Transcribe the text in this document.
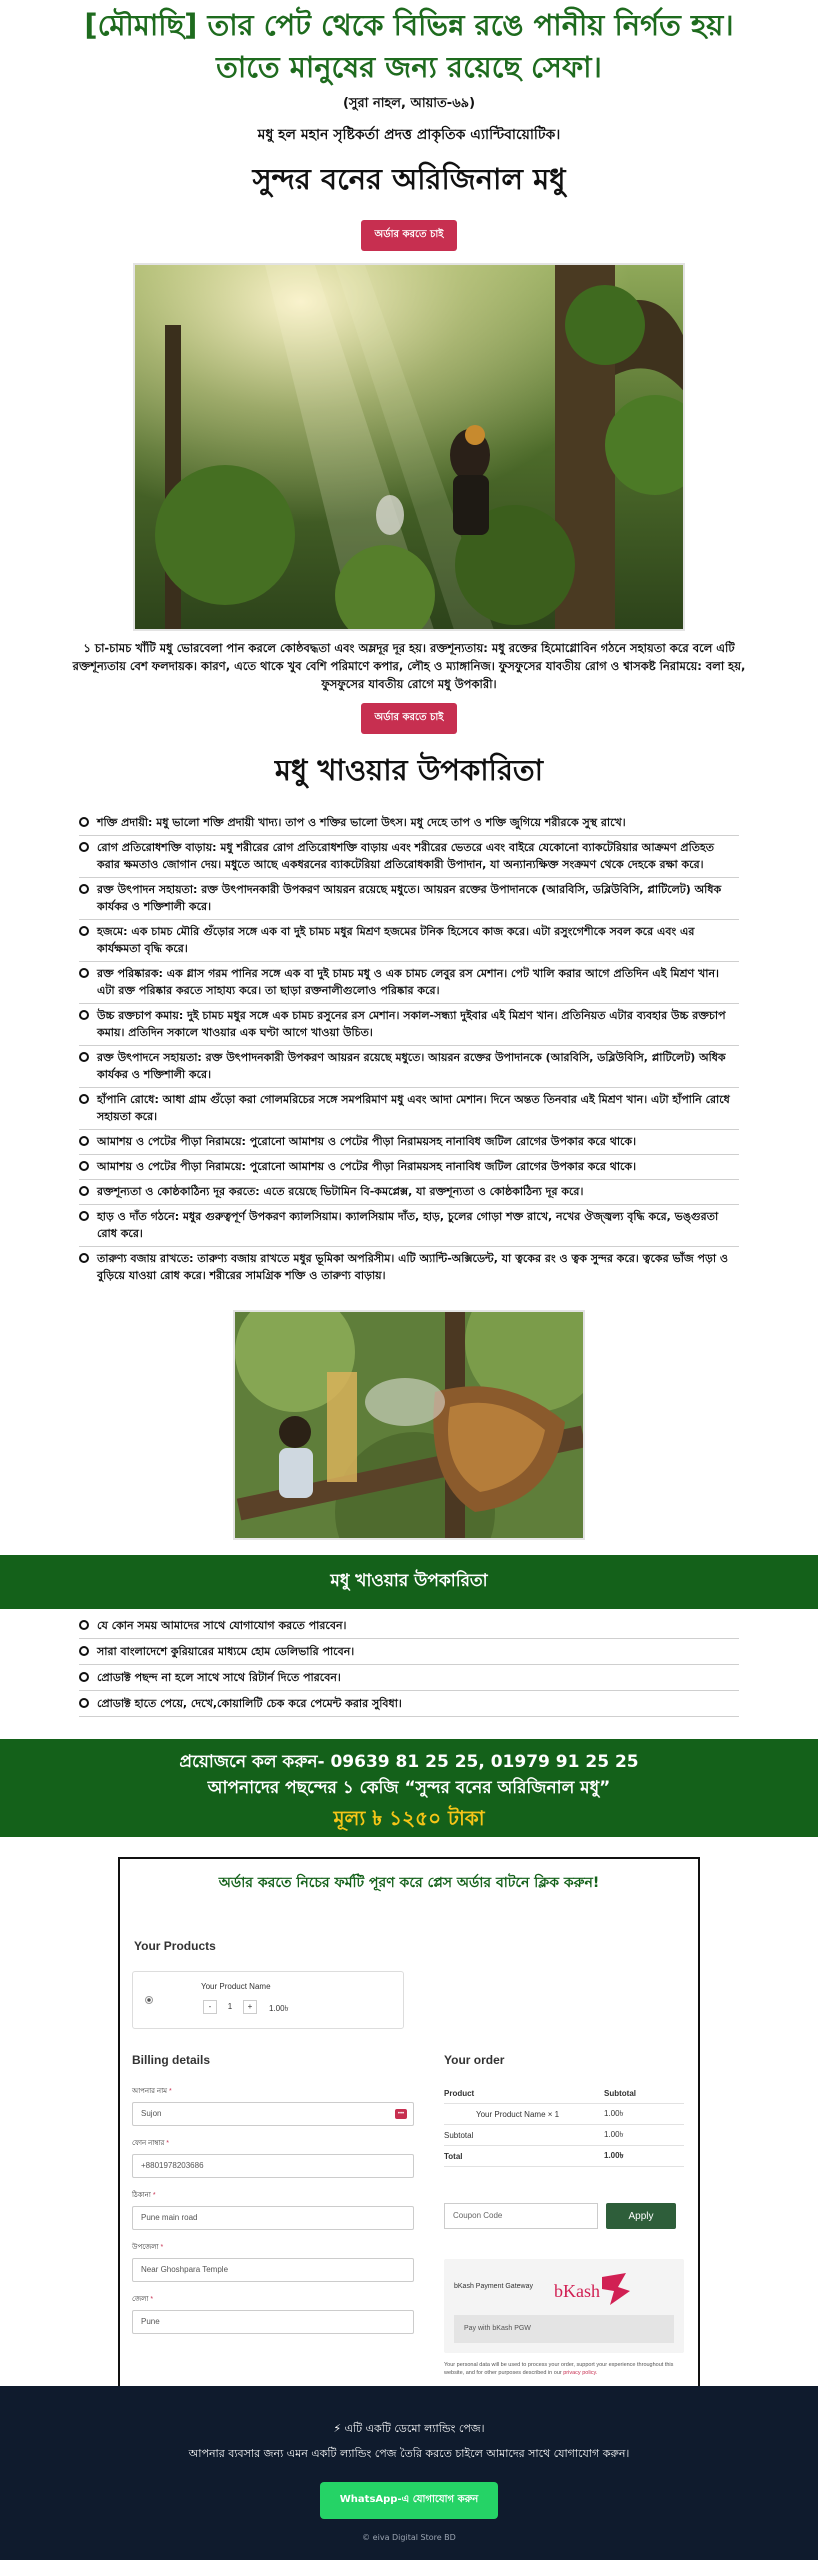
[মৌমাছি] তার পেট থেকে বিভিন্ন রঙে পানীয় নির্গত হয়। তাতে মানুষের জন্য রয়েছে সেফা।
(সুরা নাহল, আয়াত-৬৯)
মধু হল মহান সৃষ্টিকর্তা প্রদত্ত প্রাকৃতিক এ্যান্টিবায়োটিক।
সুন্দর বনের অরিজিনাল মধু
অর্ডার করতে চাই
১ চা-চামচ খাঁটি মধু ভোরবেলা পান করলে কোষ্ঠবদ্ধতা এবং অম্লদূর দূর হয়। রক্তশূন্যতায়: মধু রক্তের হিমোগ্লোবিন গঠনে সহায়তা করে বলে এটি রক্তশূন্যতায় বেশ ফলদায়ক। কারণ, এতে থাকে খুব বেশি পরিমাণে কপার, লৌহ ও ম্যাঙ্গানিজ। ফুসফুসের যাবতীয় রোগ ও শ্বাসকষ্ট নিরাময়ে: বলা হয়, ফুসফুসের যাবতীয় রোগে মধু উপকারী।
অর্ডার করতে চাই
মধু খাওয়ার উপকারিতা
শক্তি প্রদায়ী: মধু ভালো শক্তি প্রদায়ী খাদ্য। তাপ ও শক্তির ভালো উৎস। মধু দেহে তাপ ও শক্তি জুগিয়ে শরীরকে সুস্থ রাখে।
রোগ প্রতিরোধশক্তি বাড়ায়: মধু শরীরের রোগ প্রতিরোধশক্তি বাড়ায় এবং শরীরের ভেতরে এবং বাইরে যেকোনো ব্যাকটেরিয়ার আক্রমণ প্রতিহত করার ক্ষমতাও জোগান দেয়। মধুতে আছে একধরনের ব্যাকটেরিয়া প্রতিরোধকারী উপাদান, যা অন্যান্যক্ষিক্ত সংক্রমণ থেকে দেহকে রক্ষা করে।
রক্ত উৎপাদন সহায়তা: রক্ত উৎপাদনকারী উপকরণ আয়রন রয়েছে মধুতে। আয়রন রক্তের উপাদানকে (আরবিসি, ডব্লিউবিসি, প্লাটিলেট) অধিক কার্যকর ও শক্তিশালী করে।
হজমে: এক চামচ মৌরি গুঁড়োর সঙ্গে এক বা দুই চামচ মধুর মিশ্রণ হজমের টনিক হিসেবে কাজ করে। এটা রসুংগেশীকে সবল করে এবং এর কার্যক্ষমতা বৃদ্ধি করে।
রক্ত পরিষ্কারক: এক গ্লাস গরম পানির সঙ্গে এক বা দুই চামচ মধু ও এক চামচ লেবুর রস মেশান। পেট খালি করার আগে প্রতিদিন এই মিশ্রণ খান। এটা রক্ত পরিষ্কার করতে সাহায্য করে। তা ছাড়া রক্তনালীগুলোও পরিষ্কার করে।
উচ্চ রক্তচাপ কমায়: দুই চামচ মধুর সঙ্গে এক চামচ রসুনের রস মেশান। সকাল-সন্ধ্যা দুইবার এই মিশ্রণ খান। প্রতিনিয়ত এটার ব্যবহার উচ্চ রক্তচাপ কমায়। প্রতিদিন সকালে খাওয়ার এক ঘণ্টা আগে খাওয়া উচিত।
রক্ত উৎপাদনে সহায়তা: রক্ত উৎপাদনকারী উপকরণ আয়রন রয়েছে মধুতে। আয়রন রক্তের উপাদানকে (আরবিসি, ডব্লিউবিসি, প্লাটিলেট) অধিক কার্যকর ও শক্তিশালী করে।
হাঁপানি রোধে: আধা গ্রাম গুঁড়ো করা গোলমরিচের সঙ্গে সমপরিমাণ মধু এবং আদা মেশান। দিনে অন্তত তিনবার এই মিশ্রণ খান। এটা হাঁপানি রোধে সহায়তা করে।
আমাশয় ও পেটের পীড়া নিরাময়ে: পুরোনো আমাশয় ও পেটের পীড়া নিরাময়সহ নানাবিধ জটিল রোগের উপকার করে থাকে।
আমাশয় ও পেটের পীড়া নিরাময়ে: পুরোনো আমাশয় ও পেটের পীড়া নিরাময়সহ নানাবিধ জটিল রোগের উপকার করে থাকে।
রক্তশূন্যতা ও কোষ্ঠকাঠিন্য দূর করতে: এতে রয়েছে ভিটামিন বি-কমপ্লেক্স, যা রক্তশূন্যতা ও কোষ্ঠকাঠিন্য দূর করে।
হাড় ও দাঁত গঠনে: মধুর গুরুত্বপূর্ণ উপকরণ ক্যালসিয়াম। ক্যালসিয়াম দাঁত, হাড়, চুলের গোড়া শক্ত রাখে, নখের ঔজ্জ্বল্য বৃদ্ধি করে, ভঙ্গুরতা রোধ করে।
তারুণ্য বজায় রাখতে: তারুণ্য বজায় রাখতে মধুর ভূমিকা অপরিসীম। এটি অ্যান্টি-অক্সিডেন্ট, যা ত্বকের রং ও ত্বক সুন্দর করে। ত্বকের ভাঁজ পড়া ও বুড়িয়ে যাওয়া রোধ করে। শরীরের সামগ্রিক শক্তি ও তারুণ্য বাড়ায়।
মধু খাওয়ার উপকারিতা
যে কোন সময় আমাদের সাথে যোগাযোগ করতে পারবেন।
সারা বাংলাদেশে কুরিয়ারের মাধ্যমে হোম ডেলিভারি পাবেন।
প্রোডাক্ট পছন্দ না হলে সাথে সাথে রিটার্ন দিতে পারবেন।
প্রোডাক্ট হাতে পেয়ে, দেখে,কোয়ালিটি চেক করে পেমেন্ট করার সুবিধা।
প্রয়োজনে কল করুন- 09639 81 25 25, 01979 91 25 25
আপনাদের পছন্দের ১ কেজি “সুন্দর বনের অরিজিনাল মধু”
মূল্য ৳ ১২৫০ টাকা
অর্ডার করতে নিচের ফর্মটি পূরণ করে প্লেস অর্ডার বাটনে ক্লিক করুন!
Your Products
Your Product Name
-	1	+	1.00৳
Billing details
আপনার নাম *
Sujon	•••
ফোন নাম্বার *
+8801978203686
ঠিকানা *
Pune main road
উপজেলা *
Near Ghoshpara Temple
জেলা *
Pune
Your order
Product	Subtotal
Your Product Name × 1	1.00৳
Subtotal	1.00৳
Total	1.00৳
Coupon Code	Apply
bKash Payment Gateway bKash
Pay with bKash PGW
Your personal data will be used to process your order, support your experience throughout this website, and for other purposes described in our privacy policy.
⚡ এটি একটি ডেমো ল্যান্ডিং পেজ।
আপনার ব্যবসার জন্য এমন একটি ল্যান্ডিং পেজ তৈরি করতে চাইলে আমাদের সাথে যোগাযোগ করুন।
WhatsApp-এ যোগাযোগ করুন
© eiva Digital Store BD
